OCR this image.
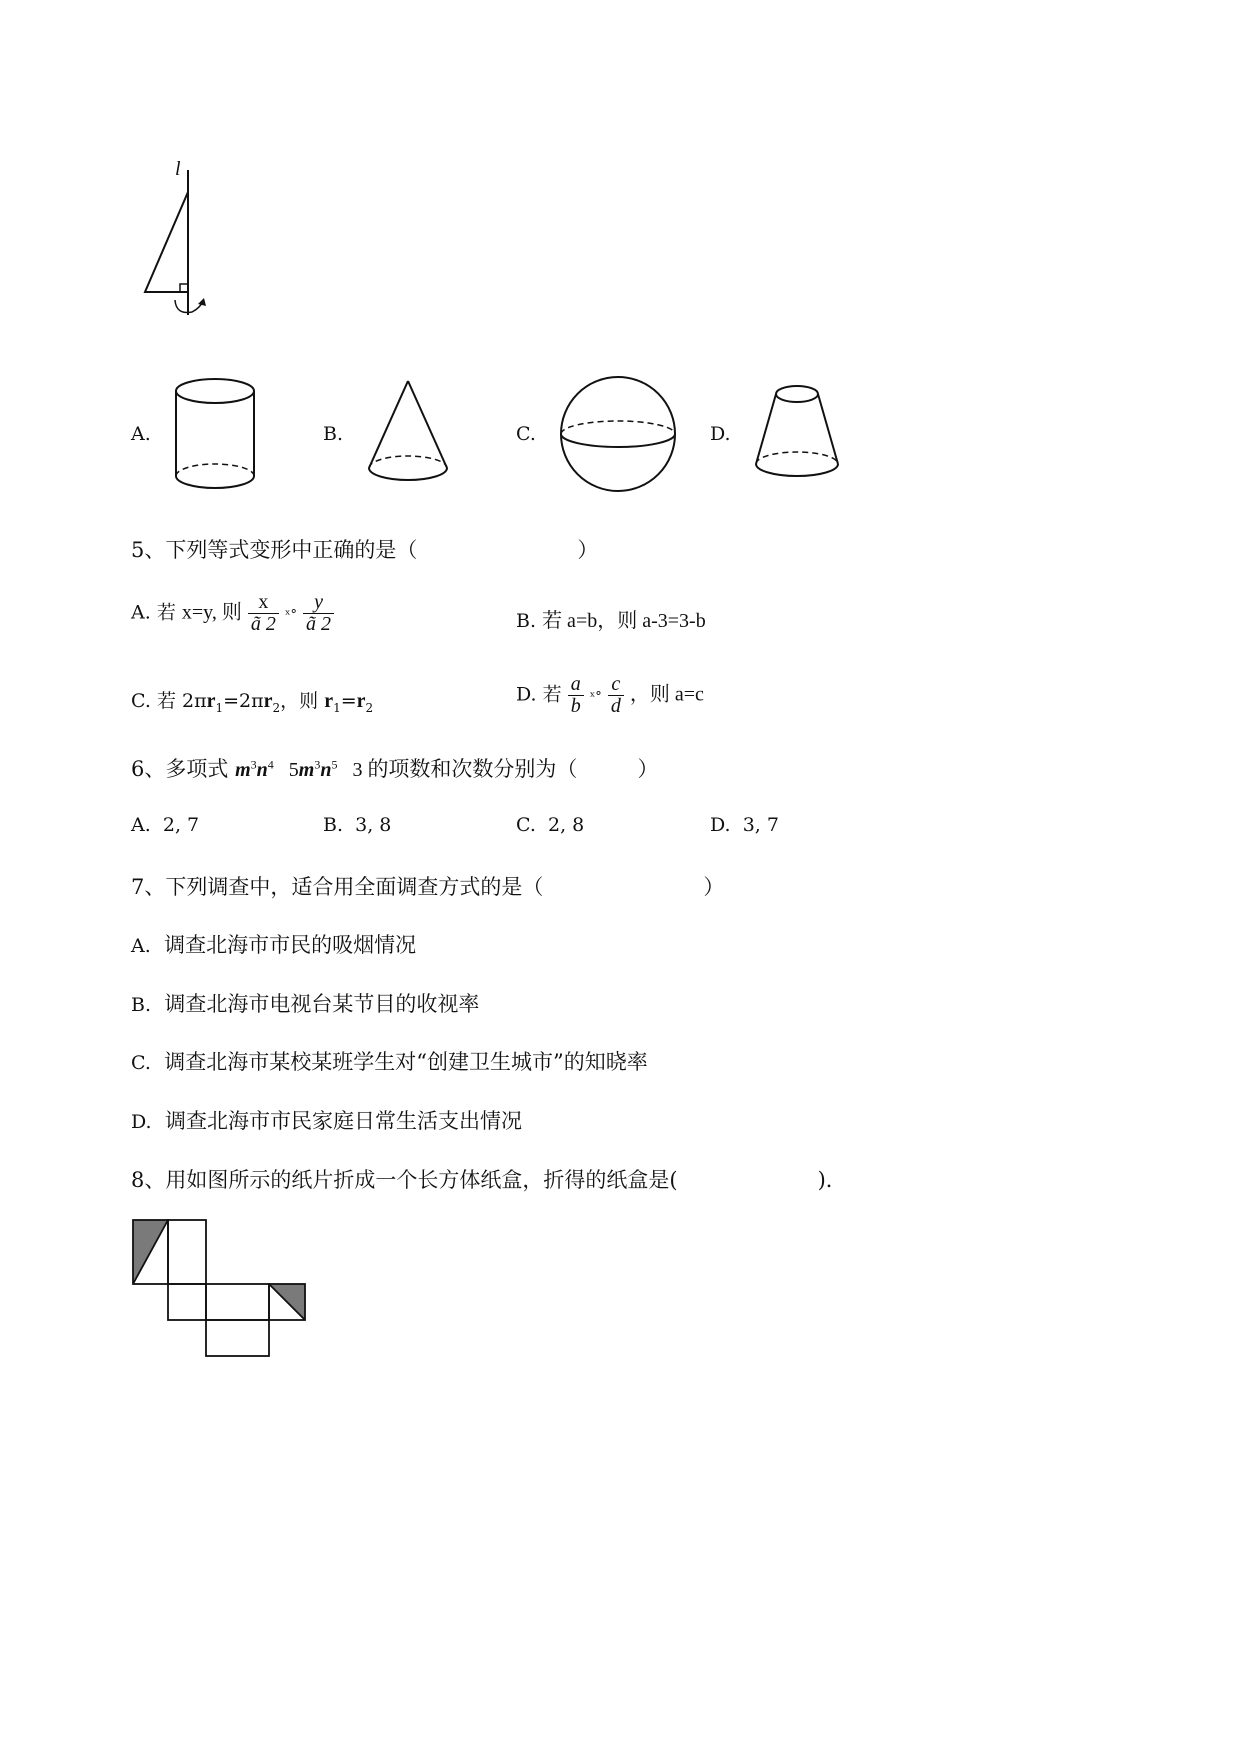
l
A.	B.	C.	D.
5、下列等式变形中正确的是（	）
A. 若 x=y, 则 $\frac{x}{ã 2}$ ˣ° $\frac{y}{ã 2}$	B. 若 a=b，则 a-3=3-b
C. 若 $2\pi r_1=2\pi r_2$，则 $r_1=r_2$
D. 若 $\frac{a}{b}$ ˣ° $\frac{c}{d}$ ，则 a=c
6、多项式 $m^3n^4$ $5m^3n^5$ 3 的项数和次数分别为（	）
A. 2, 7	B. 3, 8	C. 2, 8	D. 3, 7
7、下列调查中，适合用全面调查方式的是（	）
A. 调查北海市市民的吸烟情况
B. 调查北海市电视台某节目的收视率
C. 调查北海市某校某班学生对“创建卫生城市”的知晓率
D. 调查北海市市民家庭日常生活支出情况
8、用如图所示的纸片折成一个长方体纸盒，折得的纸盒是(	)．
